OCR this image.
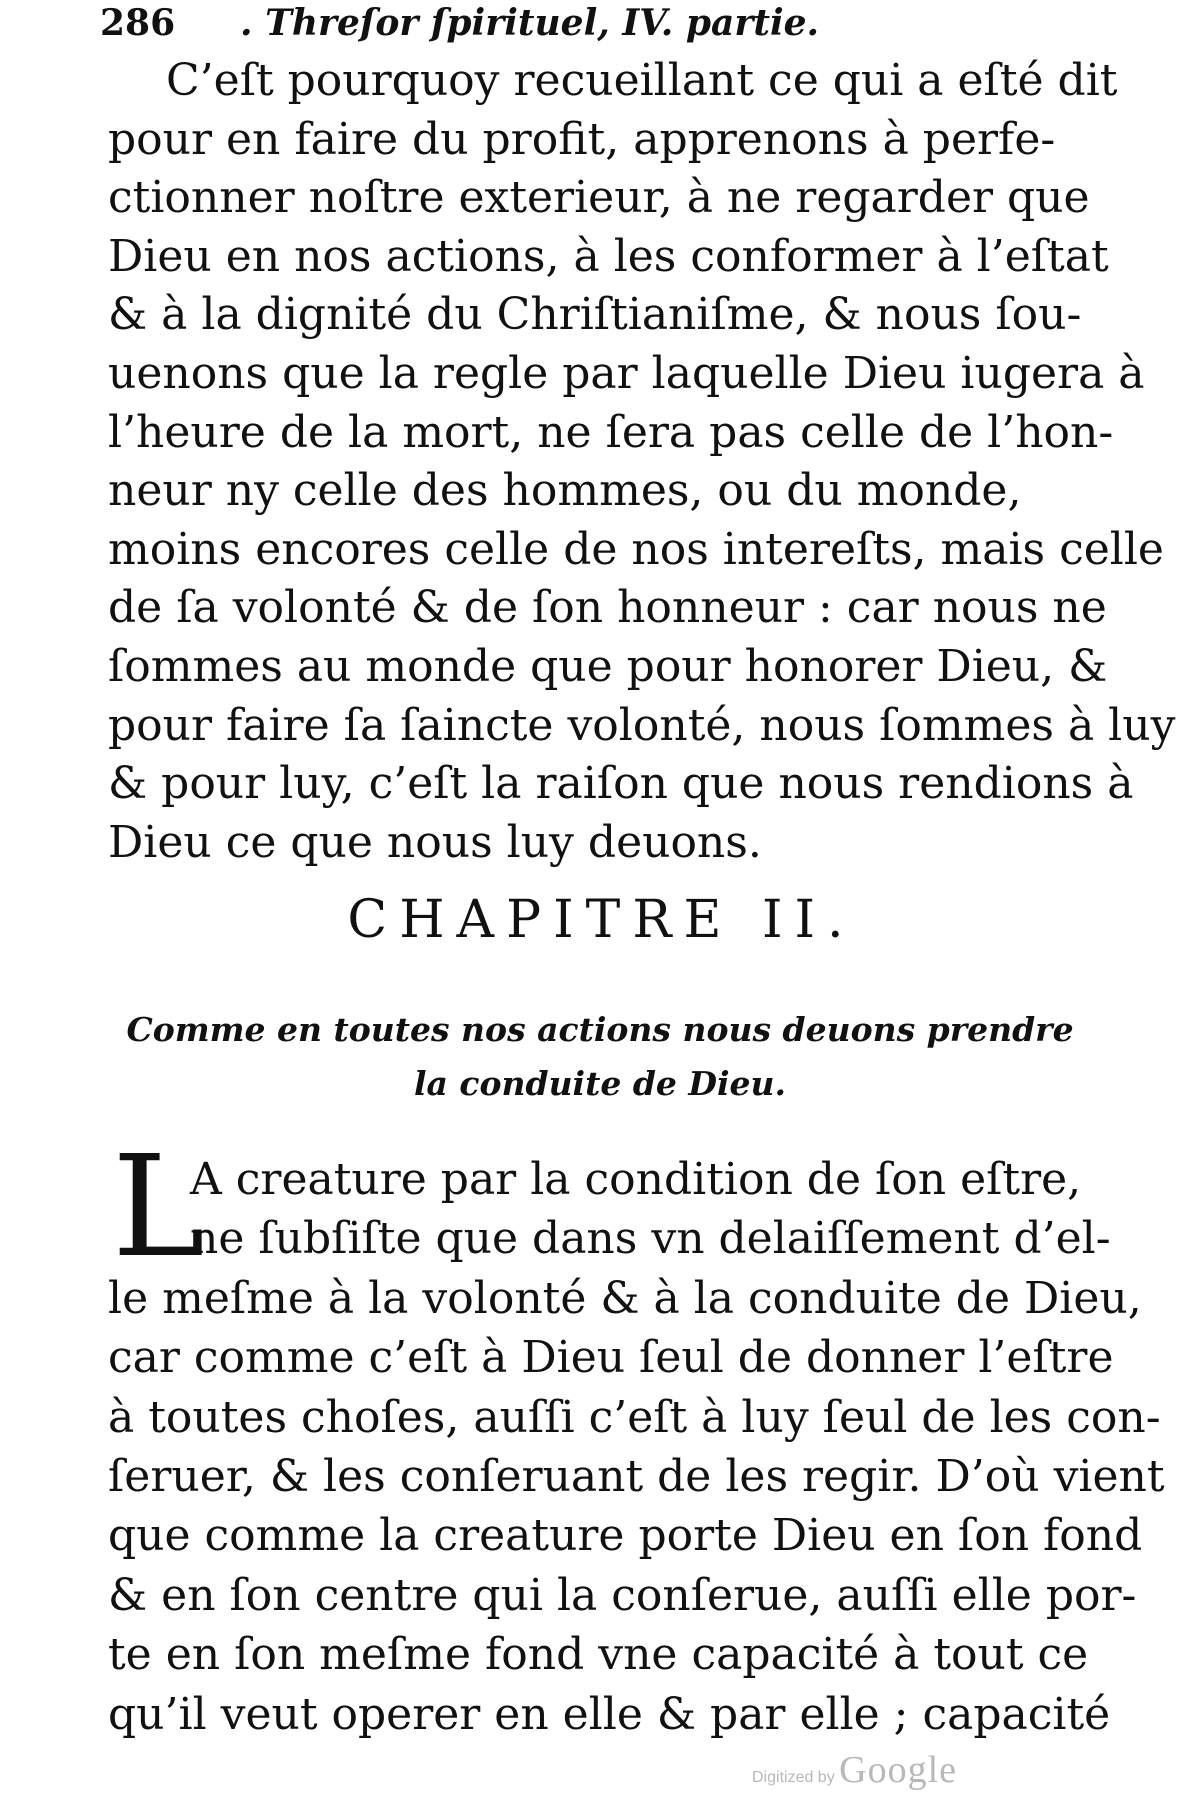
286 . Threſor ſpirituel, IV. partie.
C’eſt pourquoy recueillant ce qui a eſté dit
pour en faire du profit, apprenons à perfe-
ctionner noſtre exterieur, à ne regarder que
Dieu en nos actions, à les conformer à l’eſtat
& à la dignité du Chriſtianiſme, & nous ſou-
uenons que la regle par laquelle Dieu iugera à
l’heure de la mort, ne ſera pas celle de l’hon-
neur ny celle des hommes, ou du monde,
moins encores celle de nos intereſts, mais celle
de ſa volonté & de ſon honneur : car nous ne
ſommes au monde que pour honorer Dieu, &
pour faire ſa ſaincte volonté, nous ſommes à luy
& pour luy, c’eſt la raiſon que nous rendions à
Dieu ce que nous luy deuons.
CHAPITRE II.
Comme en toutes nos actions nous deuons prendre
la conduite de Dieu.
L
A creature par la condition de ſon eſtre,
ne ſubſiſte que dans vn delaiſſement d’el-
le meſme à la volonté & à la conduite de Dieu,
car comme c’eſt à Dieu ſeul de donner l’eſtre
à toutes choſes, auſſi c’eſt à luy ſeul de les con-
ſeruer, & les conſeruant de les regir. D’où vient
que comme la creature porte Dieu en ſon fond
& en ſon centre qui la conſerue, auſſi elle por-
te en ſon meſme fond vne capacité à tout ce
qu’il veut operer en elle & par elle ; capacité
Digitized by Google
